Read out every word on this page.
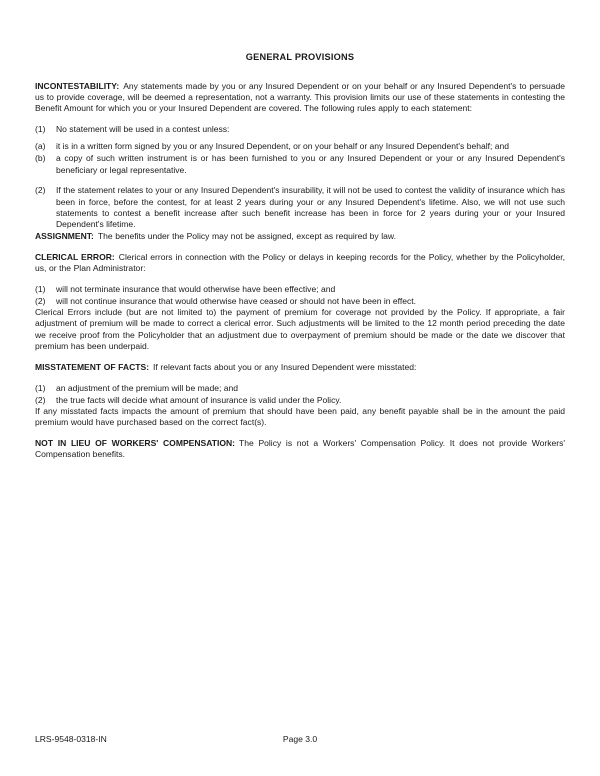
GENERAL PROVISIONS

INCONTESTABILITY: Any statements made by you or any Insured Dependent or on your behalf or any Insured Dependent's to persuade us to provide coverage, will be deemed a representation, not a warranty. This provision limits our use of these statements in contesting the Benefit Amount for which you or your Insured Dependent are covered. The following rules apply to each statement:

(1)	No statement will be used in a contest unless:
(a)	it is in a written form signed by you or any Insured Dependent, or on your behalf or any Insured Dependent's behalf; and
(b)	a copy of such written instrument is or has been furnished to you or any Insured Dependent or your or any Insured Dependent's beneficiary or legal representative.
(2)	If the statement relates to your or any Insured Dependent's insurability, it will not be used to contest the validity of insurance which has been in force, before the contest, for at least 2 years during your or any Insured Dependent's lifetime. Also, we will not use such statements to contest a benefit increase after such benefit increase has been in force for 2 years during your or your Insured Dependent's lifetime.

ASSIGNMENT: The benefits under the Policy may not be assigned, except as required by law.

CLERICAL ERROR: Clerical errors in connection with the Policy or delays in keeping records for the Policy, whether by the Policyholder, us, or the Plan Administrator:

(1)	will not terminate insurance that would otherwise have been effective; and
(2)	will not continue insurance that would otherwise have ceased or should not have been in effect.

Clerical Errors include (but are not limited to) the payment of premium for coverage not provided by the Policy. If appropriate, a fair adjustment of premium will be made to correct a clerical error. Such adjustments will be limited to the 12 month period preceding the date we receive proof from the Policyholder that an adjustment due to overpayment of premium should be made or the date we discover that premium has been underpaid.

MISSTATEMENT OF FACTS: If relevant facts about you or any Insured Dependent were misstated:

(1)	an adjustment of the premium will be made; and
(2)	the true facts will decide what amount of insurance is valid under the Policy.

If any misstated facts impacts the amount of premium that should have been paid, any benefit payable shall be in the amount the paid premium would have purchased based on the correct fact(s).

NOT IN LIEU OF WORKERS' COMPENSATION: The Policy is not a Workers' Compensation Policy. It does not provide Workers' Compensation benefits.

LRS-9548-0318-IN	Page 3.0
